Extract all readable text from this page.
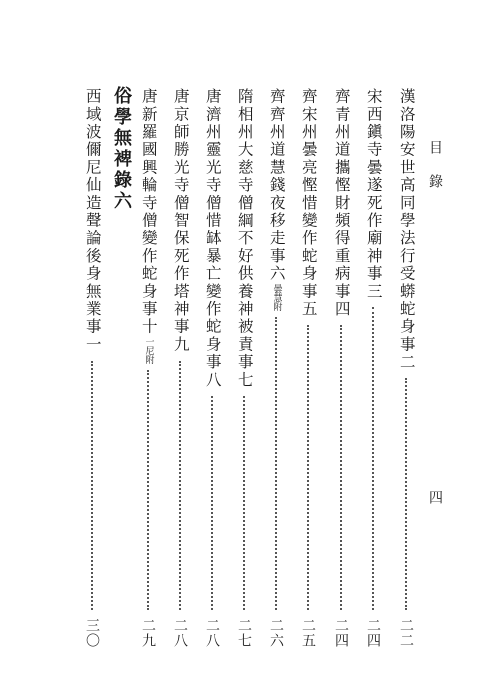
目錄
四
漢洛陽安世高同學法行受蟒蛇身事二
二二
宋西鎭寺曇遂死作廟神事三
二四
齊青州道攜慳財頻得重病事四
二四
齊宋州曇亮慳惜變作蛇身事五
二五
齊齊州道慧錢夜移走事六
曇慧附
二六
隋相州大慈寺僧綱不好供養神被責事七
二七
唐濟州靈光寺僧惜缽暴亡變作蛇身事八
二八
唐京師勝光寺僧智保死作塔神事九
二八
唐新羅國興輪寺僧變作蛇身事十
一尼附
二九
俗學無裨錄六
西域波儞尼仙造聲論後身無業事一
三〇
